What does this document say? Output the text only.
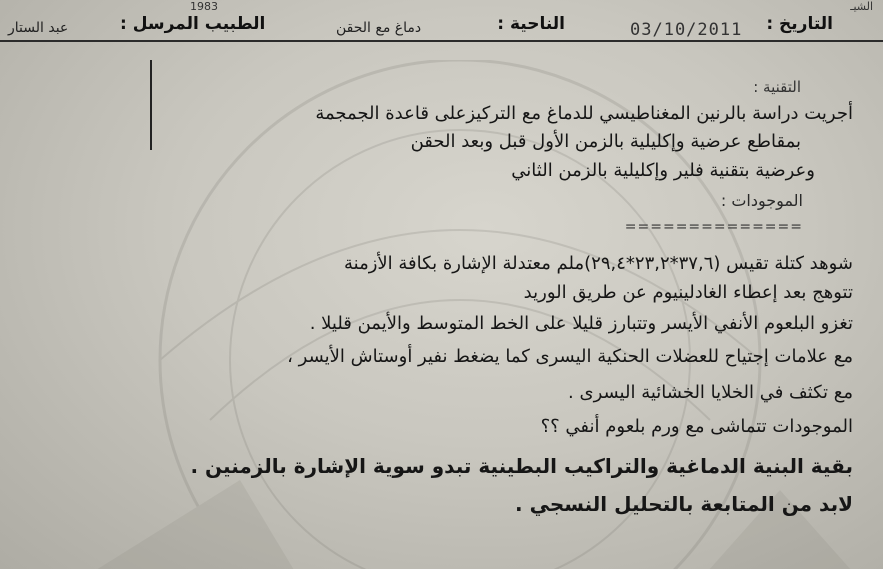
الشيـ
1983
التاريخ :
03/10/2011
الناحية :
دماغ مع الحقن
الطبيب المرسل :
عبد الستار
التقنية :
أجريت دراسة بالرنين المغناطيسي للدماغ مع التركيزعلى قاعدة الجمجمة
بمقاطع عرضية وإكليلية بالزمن الأول قبل وبعد الحقن
وعرضية بتقنية فلير وإكليلية بالزمن الثاني
الموجودات :
==============
شوهد كتلة تقيس (٣٧,٦*٢٣,٢*٢٩,٤)ملم معتدلة الإشارة بكافة الأزمنة
تتوهج بعد إعطاء الغادلينيوم عن طريق الوريد
تغزو البلعوم الأنفي الأيسر وتتبارز قليلا على الخط المتوسط والأيمن قليلا .
مع علامات إجتياح للعضلات الحنكية اليسرى كما يضغط نفير أوستاش الأيسر ،
مع تكثف في الخلايا الخشائية اليسرى .
الموجودات تتماشى مع ورم بلعوم أنفي ؟؟
بقية البنية الدماغية والتراكيب البطينية تبدو سوية الإشارة بالزمنين .
لابد من المتابعة بالتحليل النسجي .
